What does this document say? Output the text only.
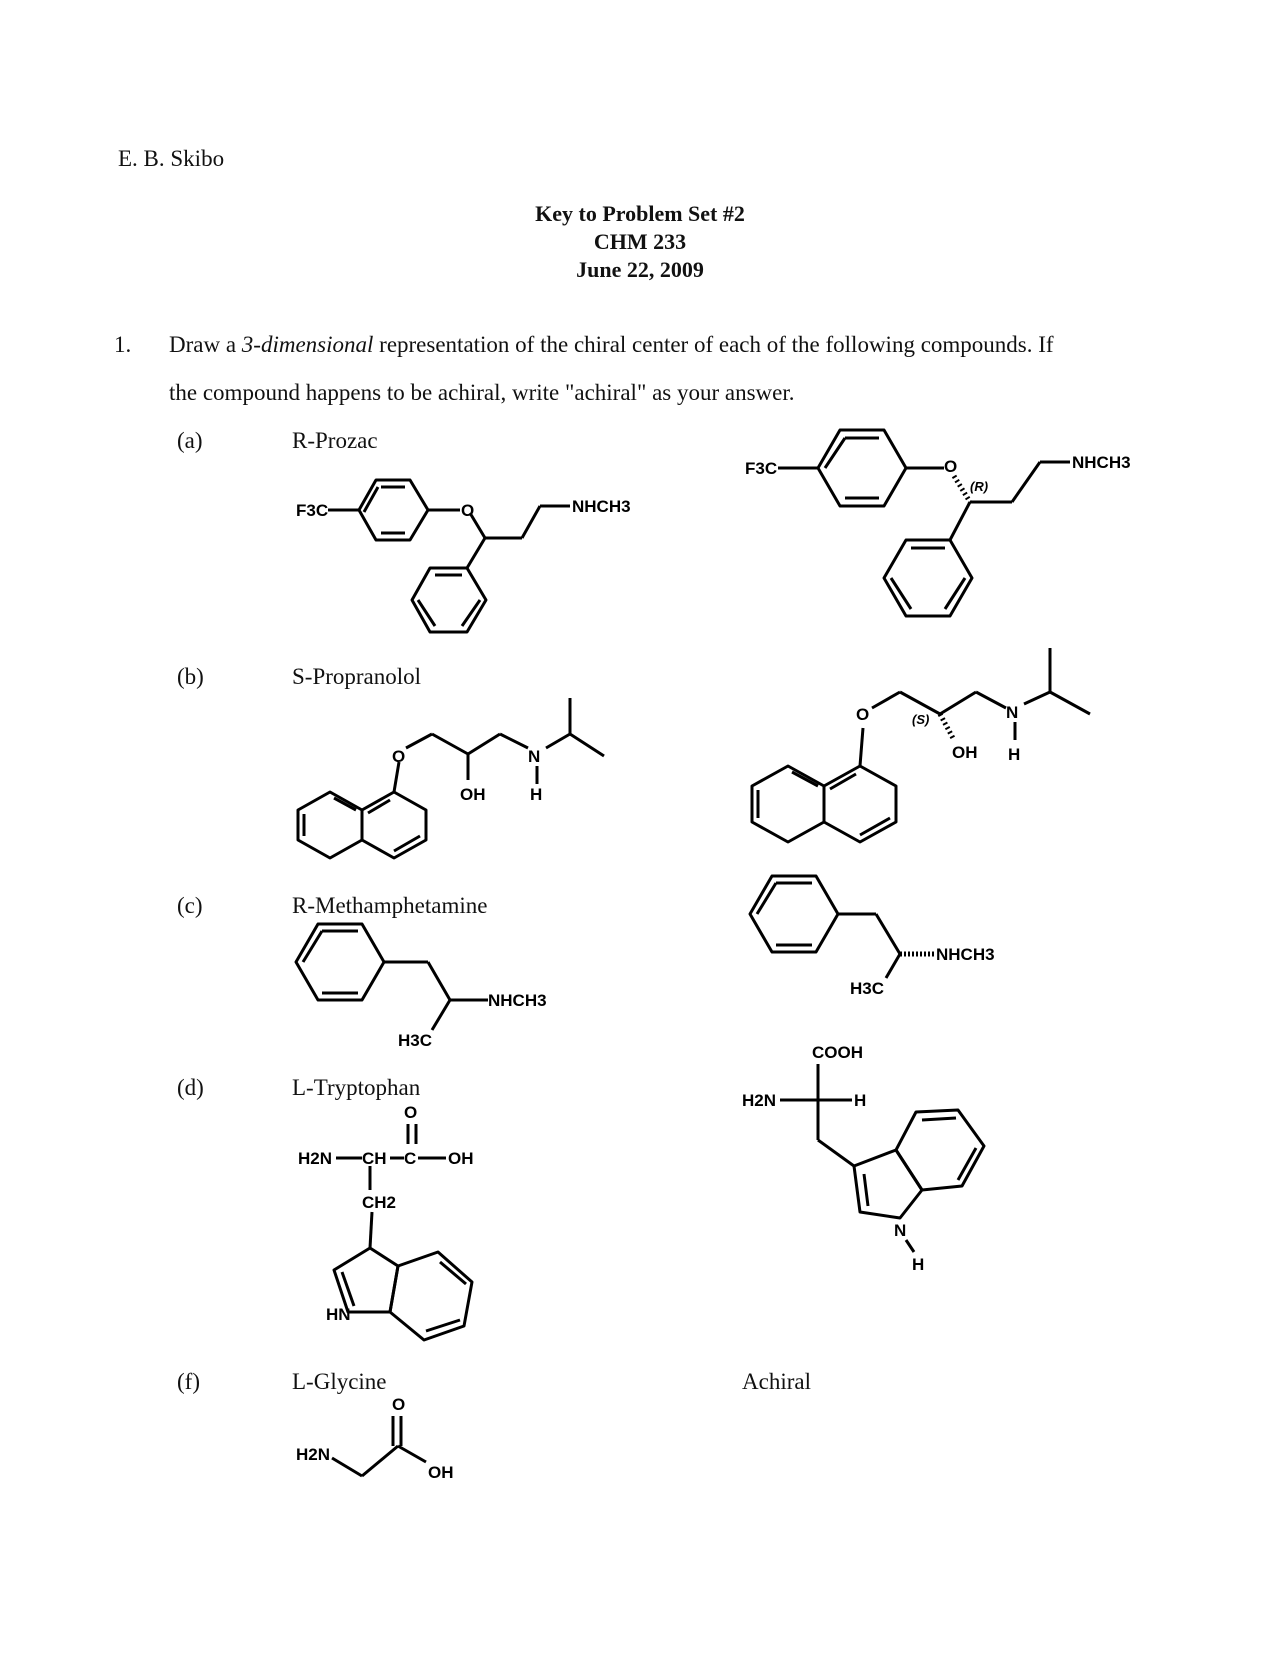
E. B. Skibo
Key to Problem Set #2
CHM 233
June 22, 2009
1. Draw a 3-dimensional representation of the chiral center of each of the following compounds. If
the compound happens to be achiral, write "achiral" as your answer.
(a)	R-Prozac
(b)	S-Propranolol
(c)	R-Methamphetamine
(d)	L-Tryptophan
(f)	L-Glycine	Achiral
F3C	O	NHCH3
F3C	O
(R)
NHCH3
O
OH
N
H
O	(S)
OH
N
H
NHCH3
H3C
NHCH3
H3C
O
H2N CH C OH
CH2
HN
COOH
H2N	H
N
H
O
H2N
OH
